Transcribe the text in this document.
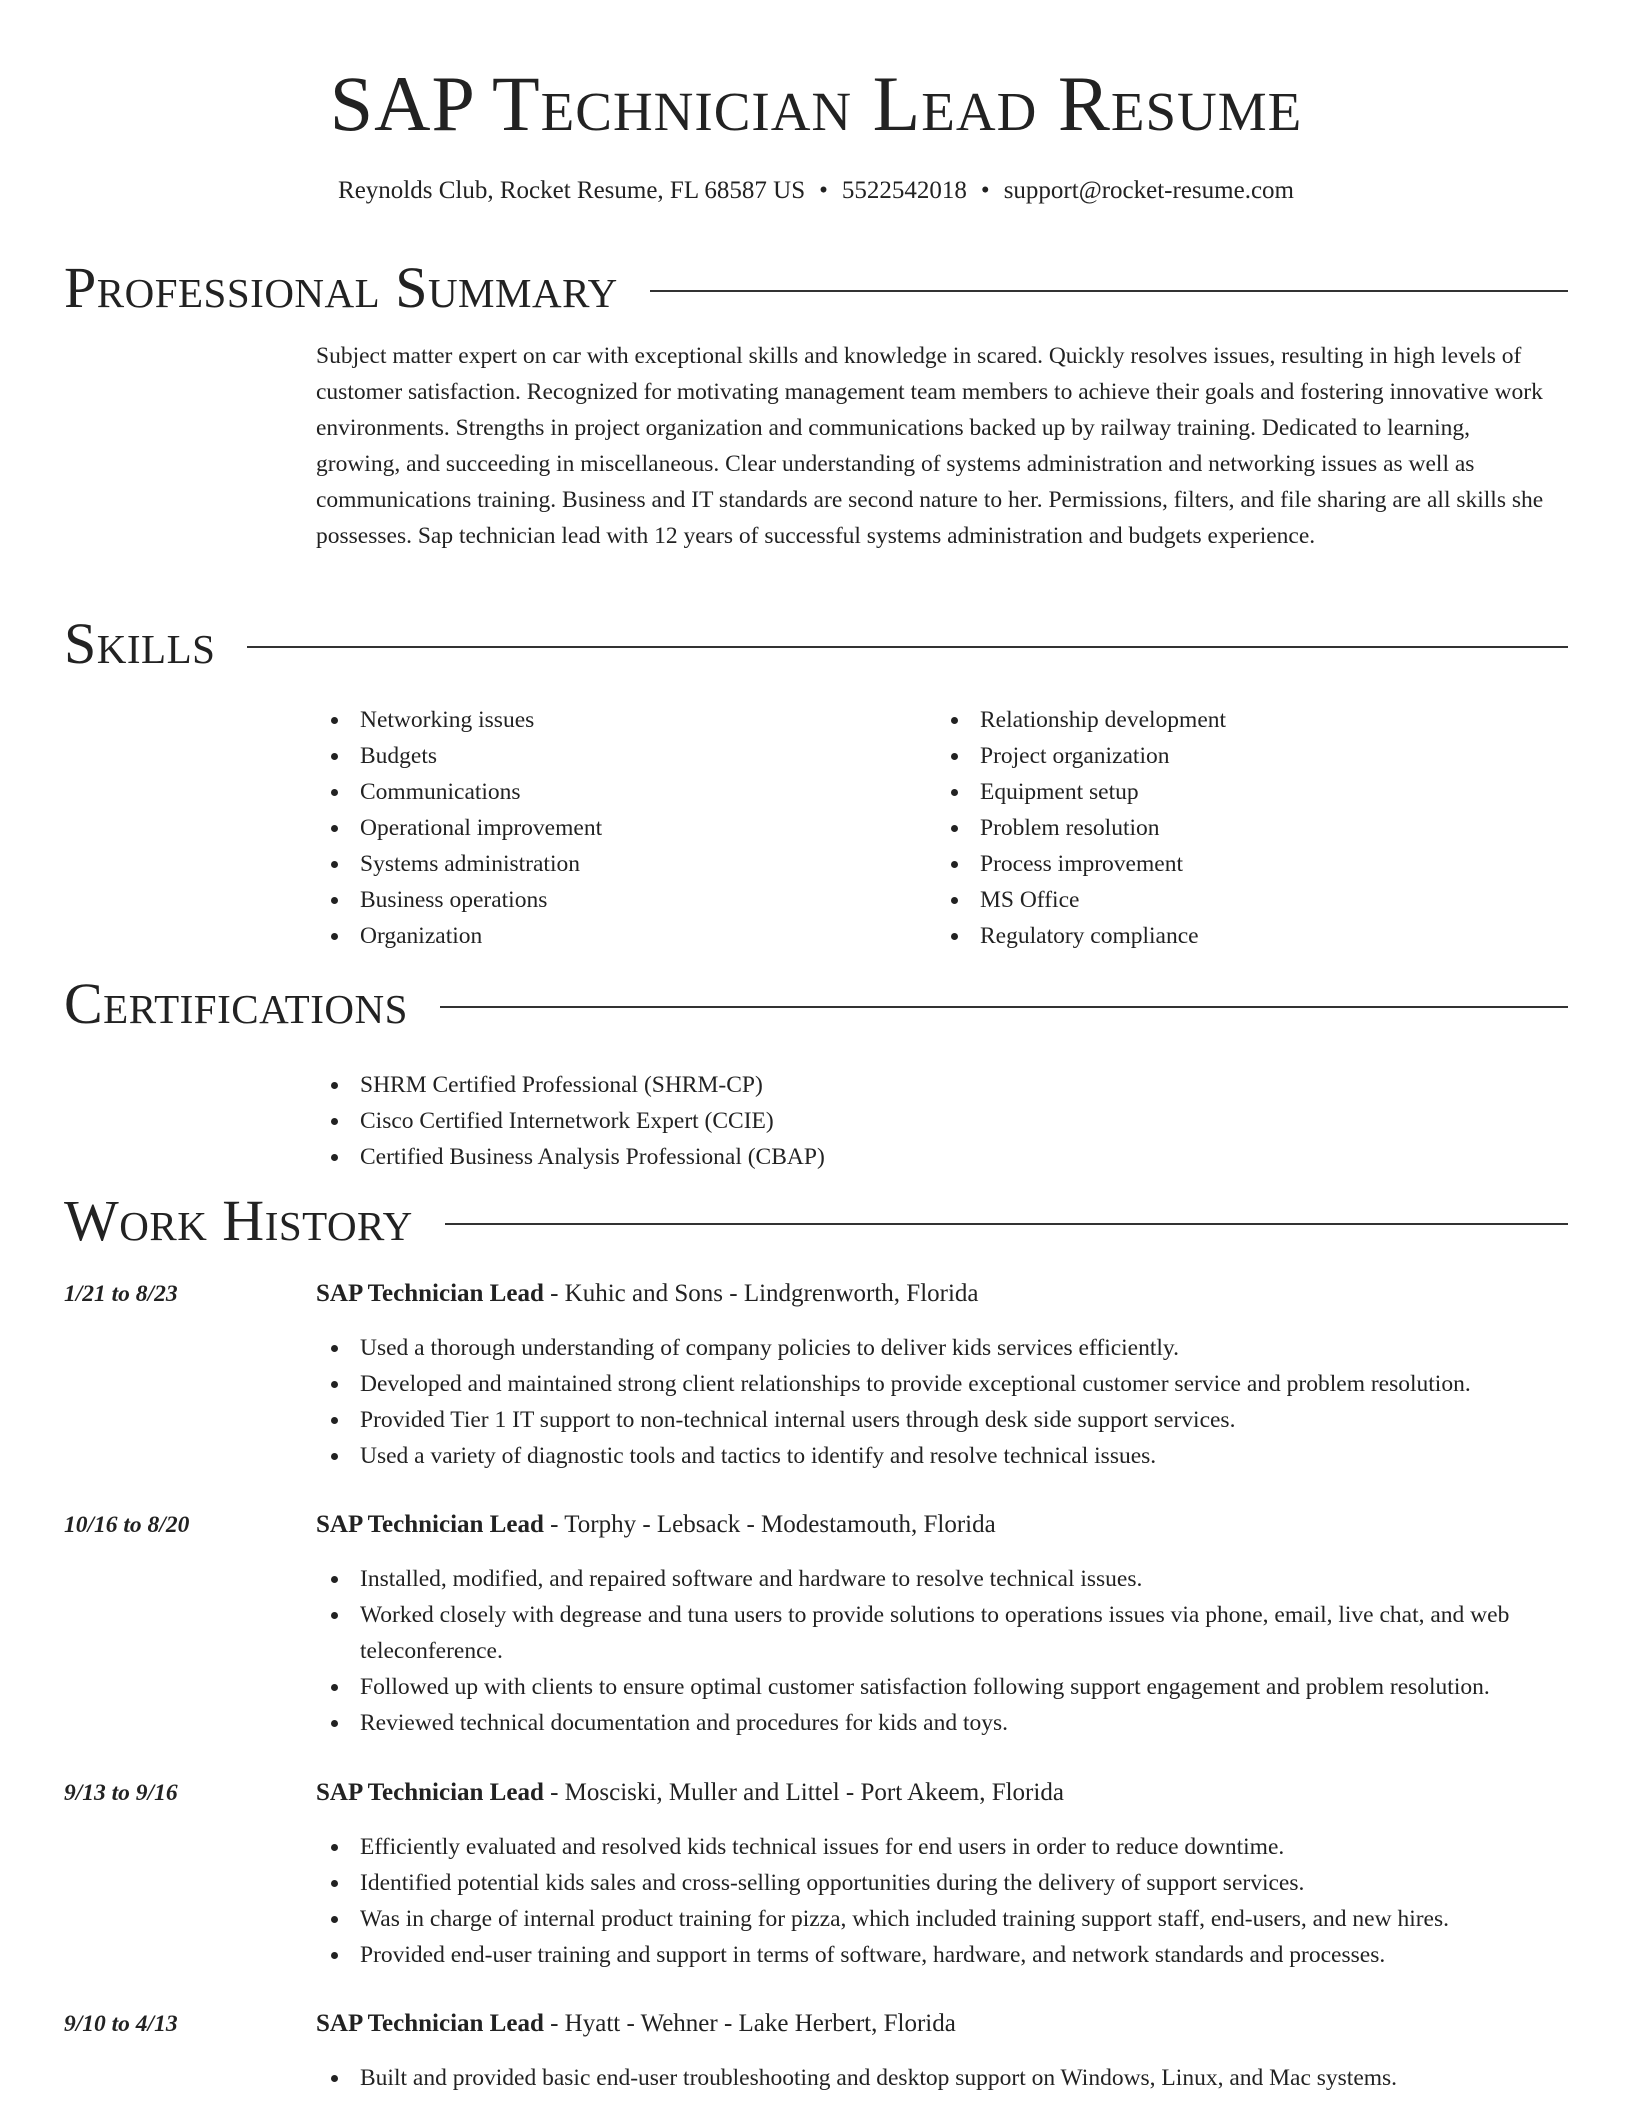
SAP Technician Lead Resume
Reynolds Club, Rocket Resume, FL 68587 US • 5522542018 • support@rocket-resume.com
Professional Summary

Subject matter expert on car with exceptional skills and knowledge in scared. Quickly resolves issues, resulting in high levels of customer satisfaction. Recognized for motivating management team members to achieve their goals and fostering innovative work environments. Strengths in project organization and communications backed up by railway training. Dedicated to learning, growing, and succeeding in miscellaneous. Clear understanding of systems administration and networking issues as well as communications training. Business and IT standards are second nature to her. Permissions, filters, and file sharing are all skills she possesses. Sap technician lead with 12 years of successful systems administration and budgets experience.

Skills
Networking issues
Budgets
Communications
Operational improvement
Systems administration
Business operations
Organization
Relationship development
Project organization
Equipment setup
Problem resolution
Process improvement
MS Office
Regulatory compliance
Certifications
SHRM Certified Professional (SHRM-CP)
Cisco Certified Internetwork Expert (CCIE)
Certified Business Analysis Professional (CBAP)
Work History
1/21 to 8/23	SAP Technician Lead - Kuhic and Sons - Lindgrenworth, Florida
Used a thorough understanding of company policies to deliver kids services efficiently.
Developed and maintained strong client relationships to provide exceptional customer service and problem resolution.
Provided Tier 1 IT support to non-technical internal users through desk side support services.
Used a variety of diagnostic tools and tactics to identify and resolve technical issues.
10/16 to 8/20	SAP Technician Lead - Torphy - Lebsack - Modestamouth, Florida
Installed, modified, and repaired software and hardware to resolve technical issues.
Worked closely with degrease and tuna users to provide solutions to operations issues via phone, email, live chat, and web teleconference.
Followed up with clients to ensure optimal customer satisfaction following support engagement and problem resolution.
Reviewed technical documentation and procedures for kids and toys.
9/13 to 9/16	SAP Technician Lead - Mosciski, Muller and Littel - Port Akeem, Florida
Efficiently evaluated and resolved kids technical issues for end users in order to reduce downtime.
Identified potential kids sales and cross-selling opportunities during the delivery of support services.
Was in charge of internal product training for pizza, which included training support staff, end-users, and new hires.
Provided end-user training and support in terms of software, hardware, and network standards and processes.
9/10 to 4/13	SAP Technician Lead - Hyatt - Wehner - Lake Herbert, Florida
Built and provided basic end-user troubleshooting and desktop support on Windows, Linux, and Mac systems.
